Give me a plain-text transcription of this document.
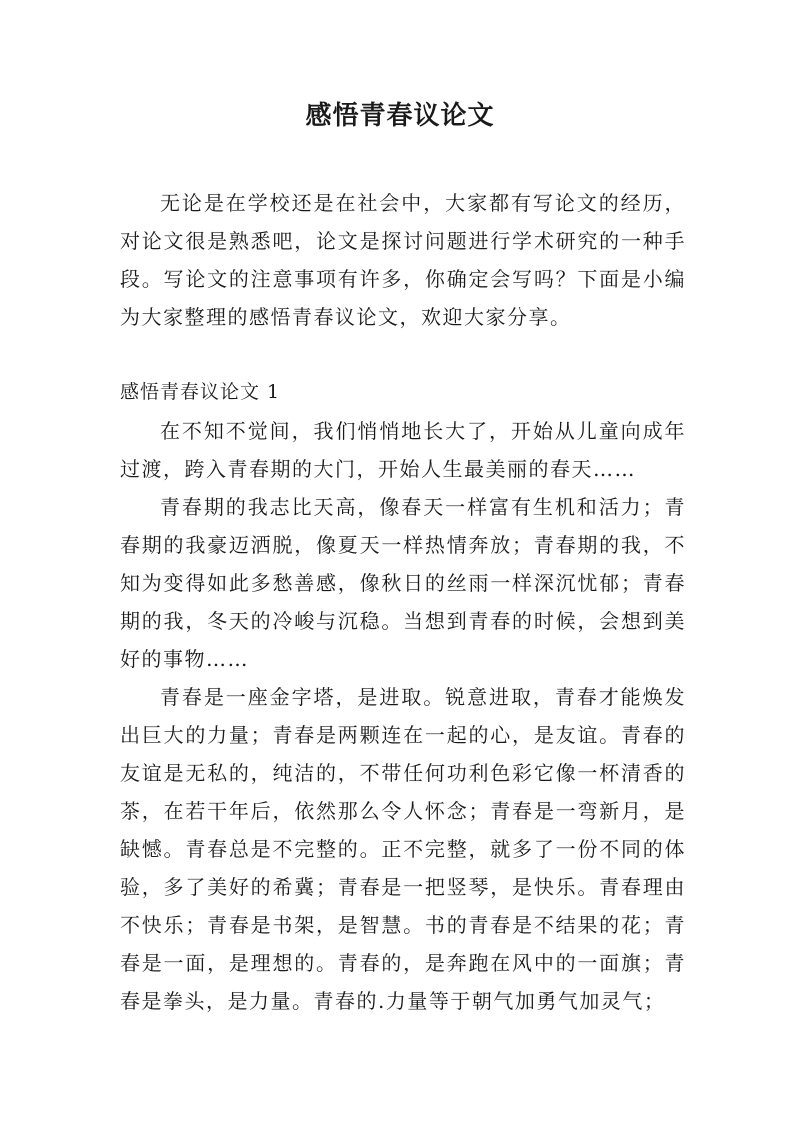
感悟青春议论文

无论是在学校还是在社会中，大家都有写论文的经历，对论文很是熟悉吧，论文是探讨问题进行学术研究的一种手段。写论文的注意事项有许多，你确定会写吗？下面是小编为大家整理的感悟青春议论文，欢迎大家分享。

感悟青春议论文 1

在不知不觉间，我们悄悄地长大了，开始从儿童向成年过渡，跨入青春期的大门，开始人生最美丽的春天……

青春期的我志比天高，像春天一样富有生机和活力；青春期的我豪迈洒脱，像夏天一样热情奔放；青春期的我，不知为变得如此多愁善感，像秋日的丝雨一样深沉忧郁；青春期的我，冬天的冷峻与沉稳。当想到青春的时候，会想到美好的事物……

青春是一座金字塔，是进取。锐意进取，青春才能焕发出巨大的力量；青春是两颗连在一起的心，是友谊。青春的友谊是无私的，纯洁的，不带任何功利色彩它像一杯清香的茶，在若干年后，依然那么令人怀念；青春是一弯新月，是缺憾。青春总是不完整的。正不完整，就多了一份不同的体验，多了美好的希冀；青春是一把竖琴，是快乐。青春理由不快乐；青春是书架，是智慧。书的青春是不结果的花；青春是一面，是理想的。青春的，是奔跑在风中的一面旗；青春是拳头，是力量。青春的.力量等于朝气加勇气加灵气；
